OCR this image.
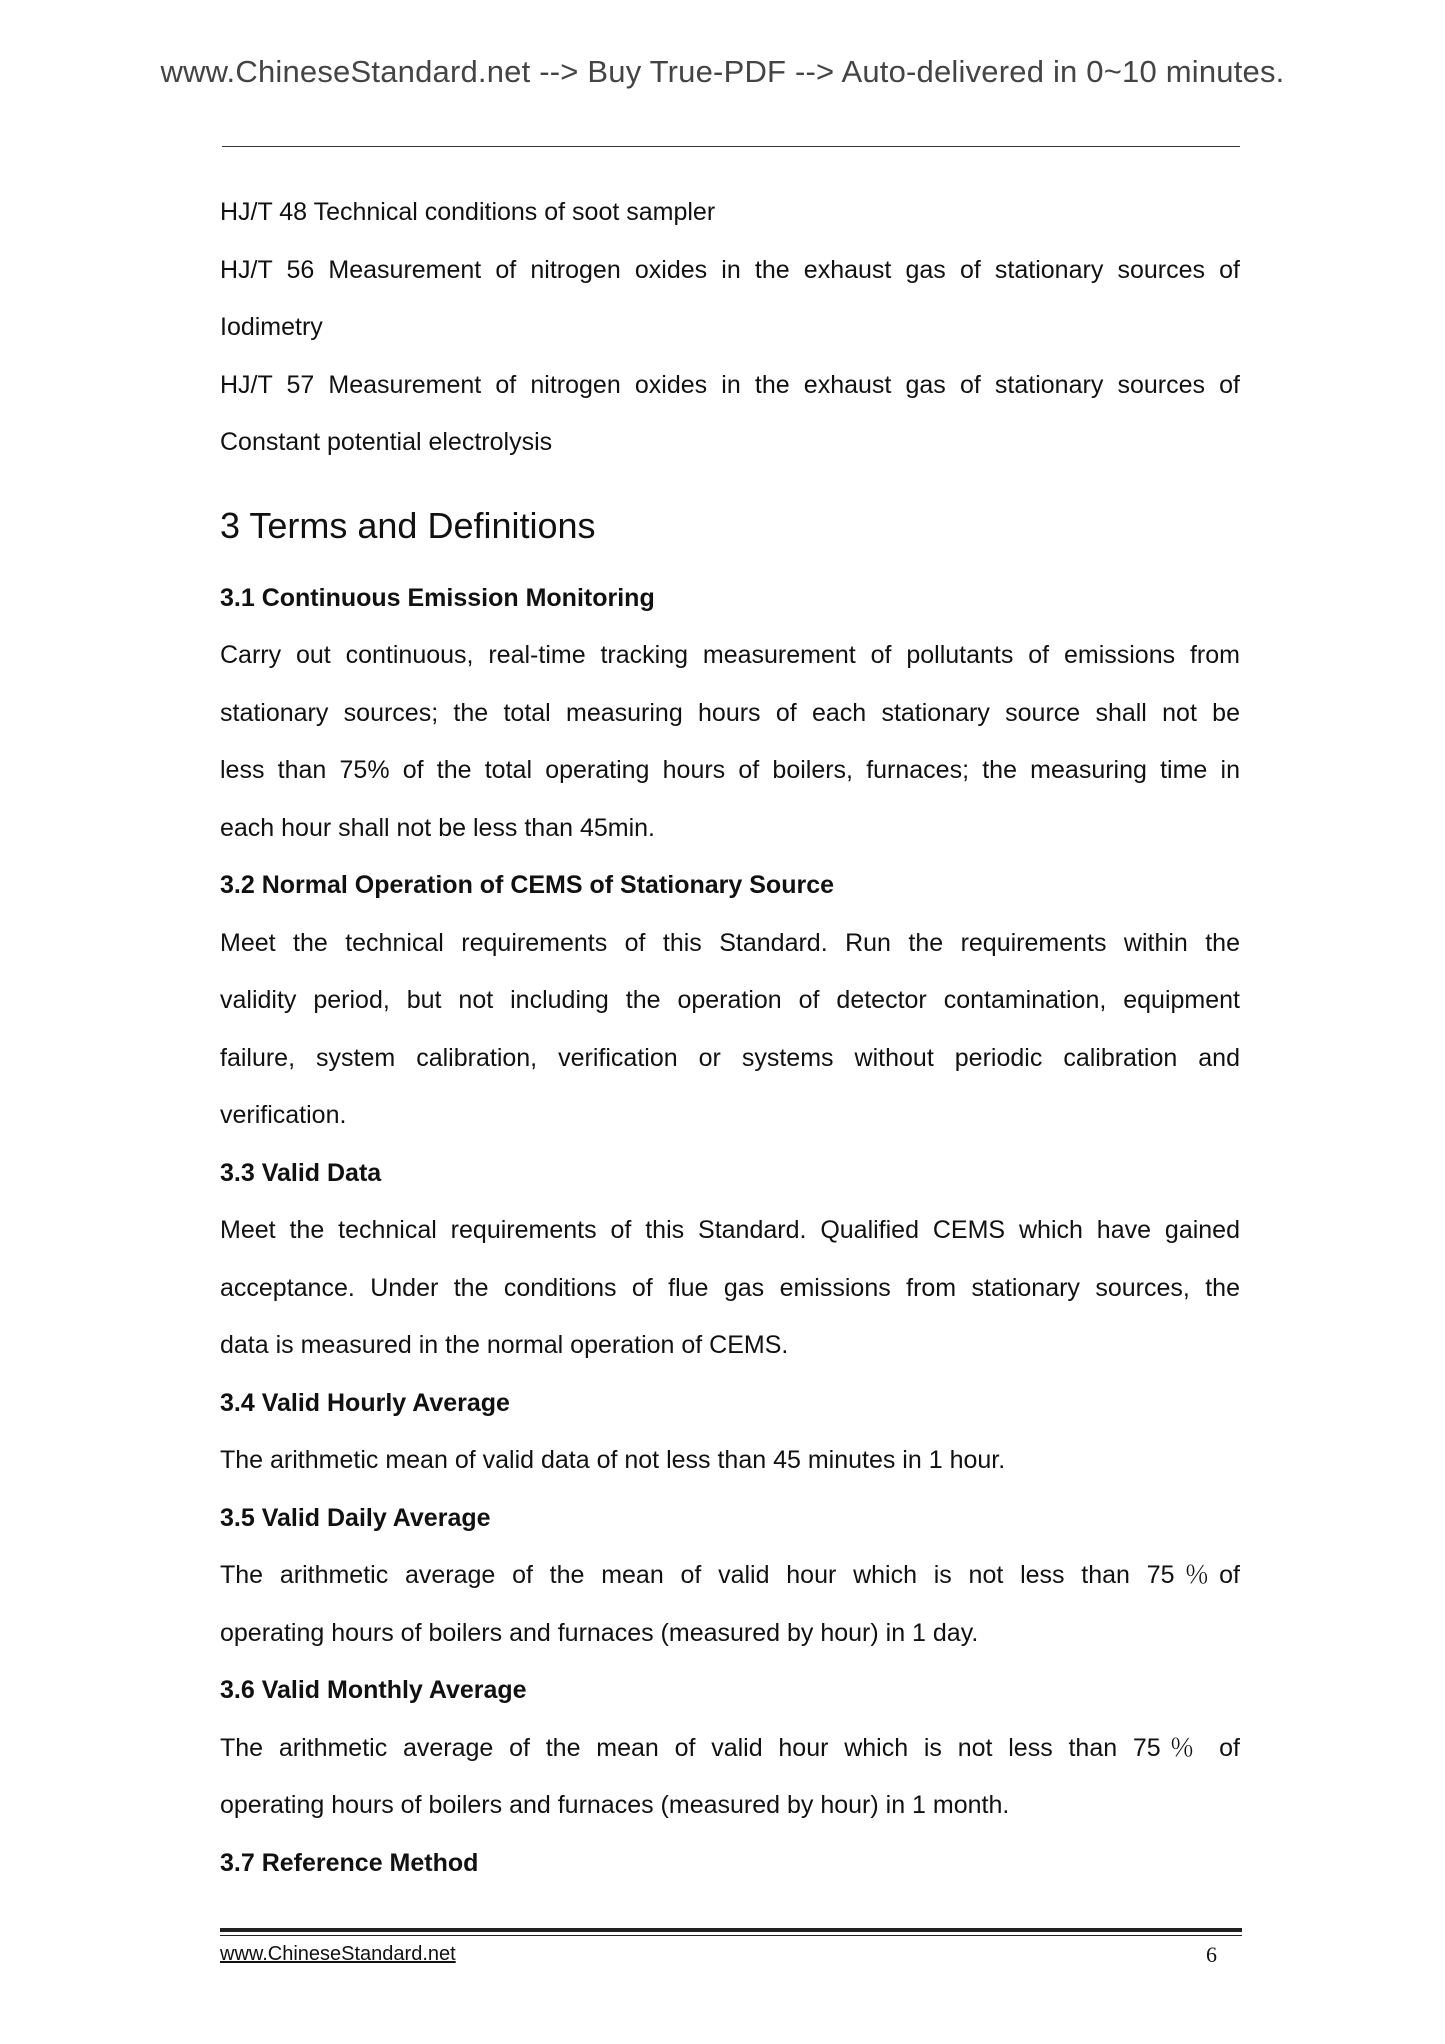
www.ChineseStandard.net --> Buy True-PDF --> Auto-delivered in 0~10 minutes.
HJ/T 48 Technical conditions of soot sampler
HJ/T 56 Measurement of nitrogen oxides in the exhaust gas of stationary sources of
Iodimetry
HJ/T 57 Measurement of nitrogen oxides in the exhaust gas of stationary sources of
Constant potential electrolysis
3 Terms and Definitions
3.1 Continuous Emission Monitoring
Carry out continuous, real-time tracking measurement of pollutants of emissions from
stationary sources; the total measuring hours of each stationary source shall not be
less than 75% of the total operating hours of boilers, furnaces; the measuring time in
each hour shall not be less than 45min.
3.2 Normal Operation of CEMS of Stationary Source
Meet the technical requirements of this Standard. Run the requirements within the
validity period, but not including the operation of detector contamination, equipment
failure, system calibration, verification or systems without periodic calibration and
verification.
3.3 Valid Data
Meet the technical requirements of this Standard. Qualified CEMS which have gained
acceptance. Under the conditions of flue gas emissions from stationary sources, the
data is measured in the normal operation of CEMS.
3.4 Valid Hourly Average
The arithmetic mean of valid data of not less than 45 minutes in 1 hour.
3.5 Valid Daily Average
The arithmetic average of the mean of valid hour which is not less than 75％of
operating hours of boilers and furnaces (measured by hour) in 1 day.
3.6 Valid Monthly Average
The arithmetic average of the mean of valid hour which is not less than 75％ of
operating hours of boilers and furnaces (measured by hour) in 1 month.
3.7 Reference Method
www.ChineseStandard.net	6
